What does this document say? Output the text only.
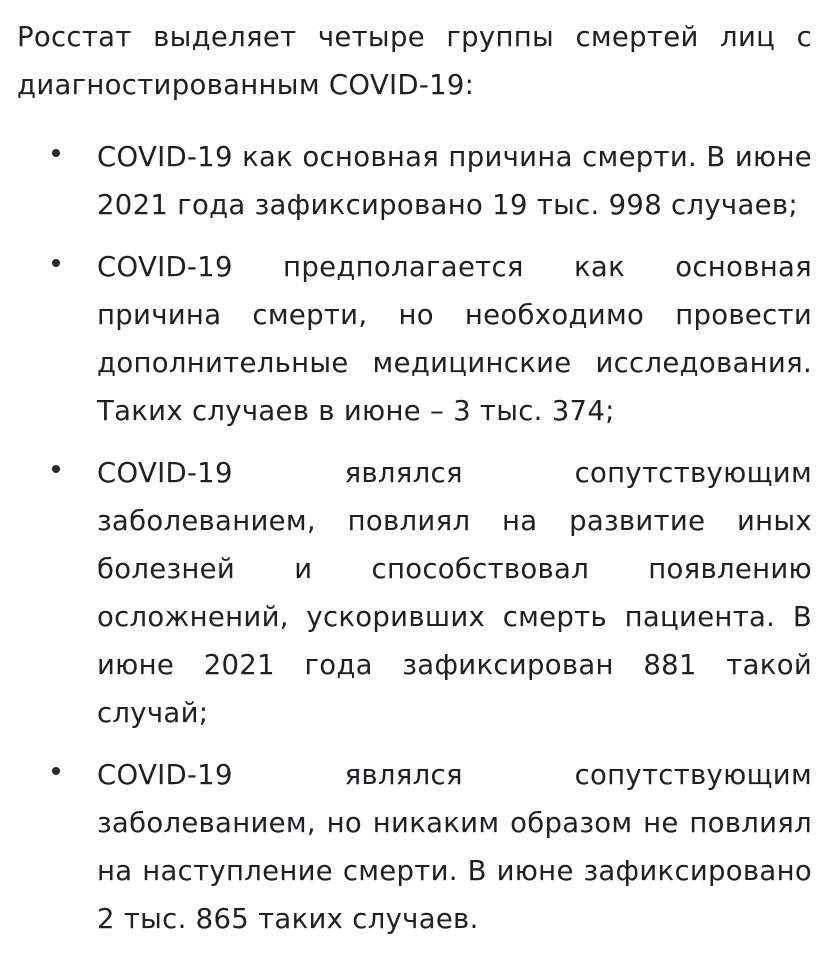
Росстат выделяет четыре группы смертей лиц с диагностированным COVID-19:

COVID-19 как основная причина смерти. В июне 2021 года зафиксировано 19 тыс. 998 случаев;
COVID-19 предполагается как основная причина смерти, но необходимо провести дополнительные медицинские исследования. Таких случаев в июне – 3 тыс. 374;
COVID-19 являлся сопутствующим заболеванием, повлиял на развитие иных болезней и способствовал появлению осложнений, ускоривших смерть пациента. В июне 2021 года зафиксирован 881 такой случай;
COVID-19 являлся сопутствующим заболеванием, но никаким образом не повлиял на наступление смерти. В июне зафиксировано 2 тыс. 865 таких случаев.
